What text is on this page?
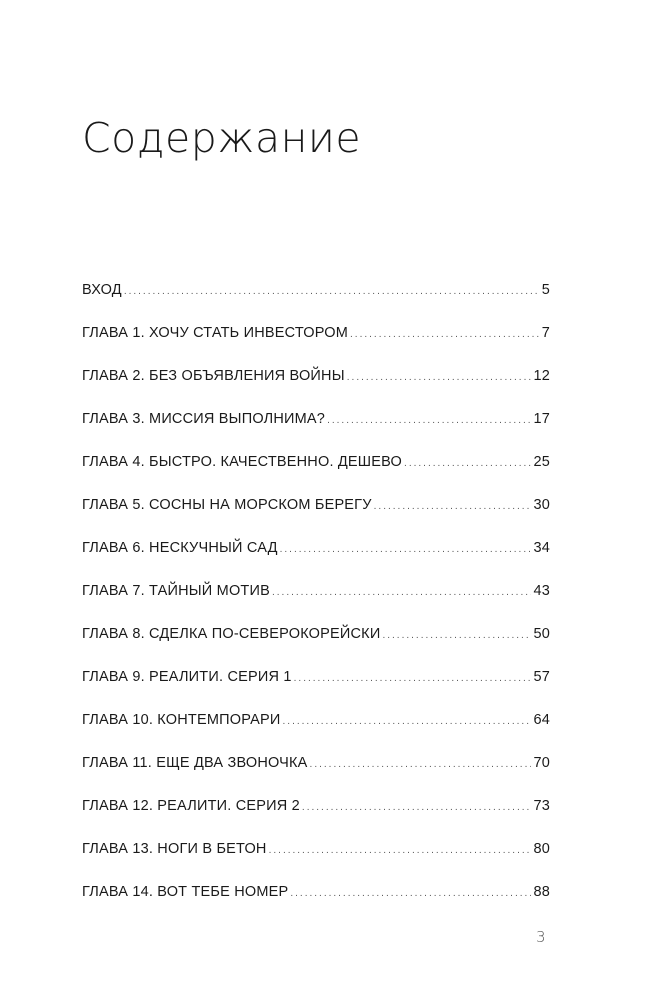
Содержание
ВХОД .....	5
ГЛАВА 1. ХОЧУ СТАТЬ ИНВЕСТОРОМ .....	7
ГЛАВА 2. БЕЗ ОБЪЯВЛЕНИЯ ВОЙНЫ .....	12
ГЛАВА 3. МИССИЯ ВЫПОЛНИМА? .....	17
ГЛАВА 4. БЫСТРО. КАЧЕСТВЕННО. ДЕШЕВО .....	25
ГЛАВА 5. СОСНЫ НА МОРСКОМ БЕРЕГУ .....	30
ГЛАВА 6. НЕСКУЧНЫЙ САД .....	34
ГЛАВА 7. ТАЙНЫЙ МОТИВ .....	43
ГЛАВА 8. СДЕЛКА ПО-СЕВЕРОКОРЕЙСКИ .....	50
ГЛАВА 9. РЕАЛИТИ. СЕРИЯ 1 .....	57
ГЛАВА 10. КОНТЕМПОРАРИ .....	64
ГЛАВА 11. ЕЩЕ ДВА ЗВОНОЧКА .....	70
ГЛАВА 12. РЕАЛИТИ. СЕРИЯ 2 .....	73
ГЛАВА 13. НОГИ В БЕТОН .....	80
ГЛАВА 14. ВОТ ТЕБЕ НОМЕР .....	88
3
